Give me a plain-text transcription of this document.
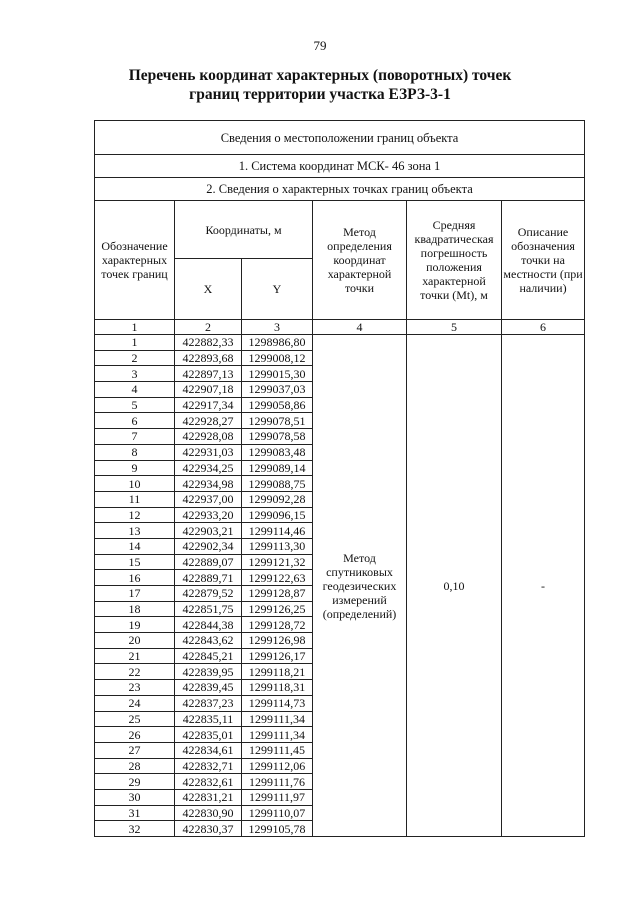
79
Перечень координат характерных (поворотных) точек
границ территории участка ЕЗРЗ-3-1
Сведения о местоположении границ объекта					
1. Система координат МСК- 46 зона 1					
2. Сведения о характерных точках границ объекта					
Обозначение характерных точек границ	Координаты, м		Метод определения координат характерной точки	Средняя квадратическая погрешность положения характерной точки (Mt), м	Описание обозначения точки на местности (при наличии)
	X	Y			
1	2	3	4	5	6
1	422882,33	1298986,80	Метод спутниковых геодезических измерений (определений)	0,10	-
2	422893,68	1299008,12			
3	422897,13	1299015,30			
4	422907,18	1299037,03			
5	422917,34	1299058,86			
6	422928,27	1299078,51			
7	422928,08	1299078,58			
8	422931,03	1299083,48			
9	422934,25	1299089,14			
10	422934,98	1299088,75			
11	422937,00	1299092,28			
12	422933,20	1299096,15			
13	422903,21	1299114,46			
14	422902,34	1299113,30			
15	422889,07	1299121,32			
16	422889,71	1299122,63			
17	422879,52	1299128,87			
18	422851,75	1299126,25			
19	422844,38	1299128,72			
20	422843,62	1299126,98			
21	422845,21	1299126,17			
22	422839,95	1299118,21			
23	422839,45	1299118,31			
24	422837,23	1299114,73			
25	422835,11	1299111,34			
26	422835,01	1299111,34			
27	422834,61	1299111,45			
28	422832,71	1299112,06			
29	422832,61	1299111,76			
30	422831,21	1299111,97			
31	422830,90	1299110,07			
32	422830,37	1299105,78			
